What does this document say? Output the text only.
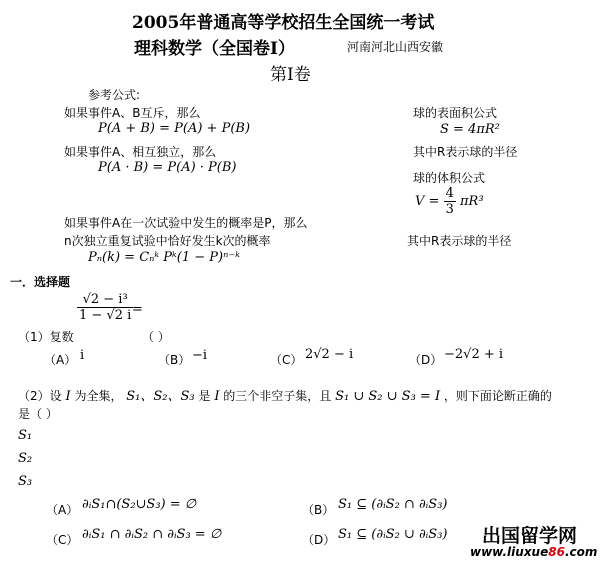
2005年普通高等学校招生全国统一考试
理科数学（全国卷Ⅰ）	河南河北山西安徽
第Ⅰ卷
参考公式:
如果事件A、B互斥，那么
P(A + B) = P(A) + P(B)
如果事件A、相互独立，那么
P(A · B) = P(A) · P(B)
球的表面积公式
S = 4πR²
其中R表示球的半径
球的体积公式
$V = \frac{4}{3} \pi R^3$
如果事件A在一次试验中发生的概率是P，那么
n次独立重复试验中恰好发生k次的概率
Pₙ(k) = Cₙᵏ Pᵏ(1 − P)ⁿ⁻ᵏ
其中R表示球的半径
一．选择题
（1）复数
$\frac{\text{√2 − i³}}{1 - √2 i}$
=
（ ）
（A） i	（B） −i	（C） 2√2 − i	（D） −2√2 + i
（2）设 I 为全集， S₁、S₂、S₃ 是 I 的三个非空子集，且 S₁ ∪ S₂ ∪ S₃ = I ，则下面论断正确的
是（ ）
S₁
S₂
S₃
（A） ∂ᵢS₁∩(S₂∪S₃) = ∅	（B） S₁ ⊆ (∂ᵢS₂ ∩ ∂ᵢS₃)
（C） ∂ᵢS₁ ∩ ∂ᵢS₂ ∩ ∂ᵢS₃ = ∅	（D） S₁ ⊆ (∂ᵢS₂ ∪ ∂ᵢS₃) 出国留学网
www.liuxue86.com
